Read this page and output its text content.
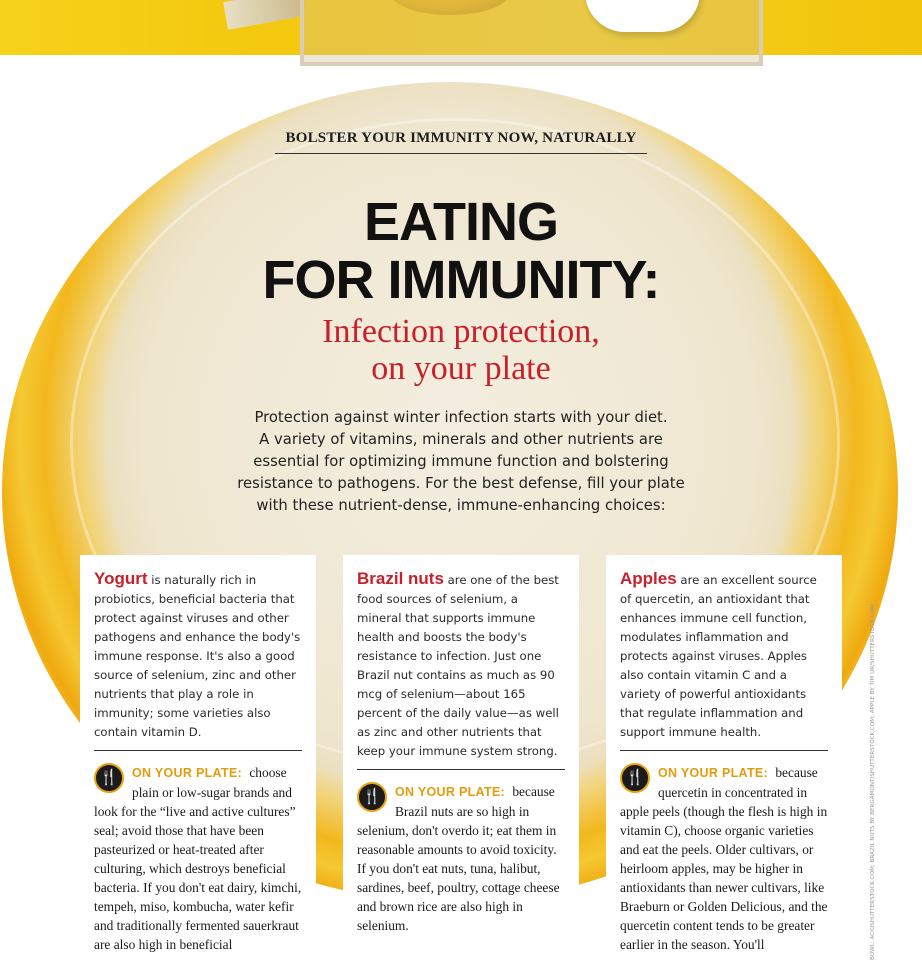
BOLSTER YOUR IMMUNITY NOW, NATURALLY
EATING
FOR IMMUNITY:
Infection protection,
on your plate
Protection against winter infection starts with your diet.
A variety of vitamins, minerals and other nutrients are
essential for optimizing immune function and bolstering
resistance to pathogens. For the best defense, fill your plate
with these nutrient-dense, immune-enhancing choices:
Yogurt is naturally rich in probiotics, beneficial bacteria that protect against viruses and other pathogens and enhance the body's immune response. It's also a good source of selenium, zinc and other nutrients that play a role in immunity; some varieties also contain vitamin D.
🍴	ON YOUR PLATE: choose plain or low-sugar brands and look for the “live and active cultures” seal; avoid those that have been pasteurized or heat-treated after culturing, which destroys beneficial bacteria. If you don't eat dairy, kimchi, tempeh, miso, kombucha, water kefir and traditionally fermented sauerkraut are also high in beneficial
Brazil nuts are one of the best food sources of selenium, a mineral that supports immune health and boosts the body's resistance to infection. Just one Brazil nut contains as much as 90 mcg of selenium—about 165 percent of the daily value—as well as zinc and other nutrients that keep your immune system strong.
🍴	ON YOUR PLATE: because Brazil nuts are so high in selenium, don't overdo it; eat them in reasonable amounts to avoid toxicity. If you don't eat nuts, tuna, halibut, sardines, beef, poultry, cottage cheese and brown rice are also high in selenium.
Apples are an excellent source of quercetin, an antioxidant that enhances immune cell function, modulates inflammation and protects against viruses. Apples also contain vitamin C and a variety of powerful antioxidants that regulate inflammation and support immune health.
🍴	ON YOUR PLATE: because quercetin in concentrated in apple peels (though the flesh is high in vitamin C), choose organic varieties and eat the peels. Older cultivars, or heirloom apples, may be higher in antioxidants than newer cultivars, like Braeburn or Golden Delicious, and the quercetin content tends to be greater earlier in the season. You'll	BOWL: ACIOSHUTTERSTOCK.COM; BRAZIL NUTS BY BERGAMONT/SHUTTERSTOCK.COM; APPLE BY TIM UR/SHUTTERSTOCK.COM
